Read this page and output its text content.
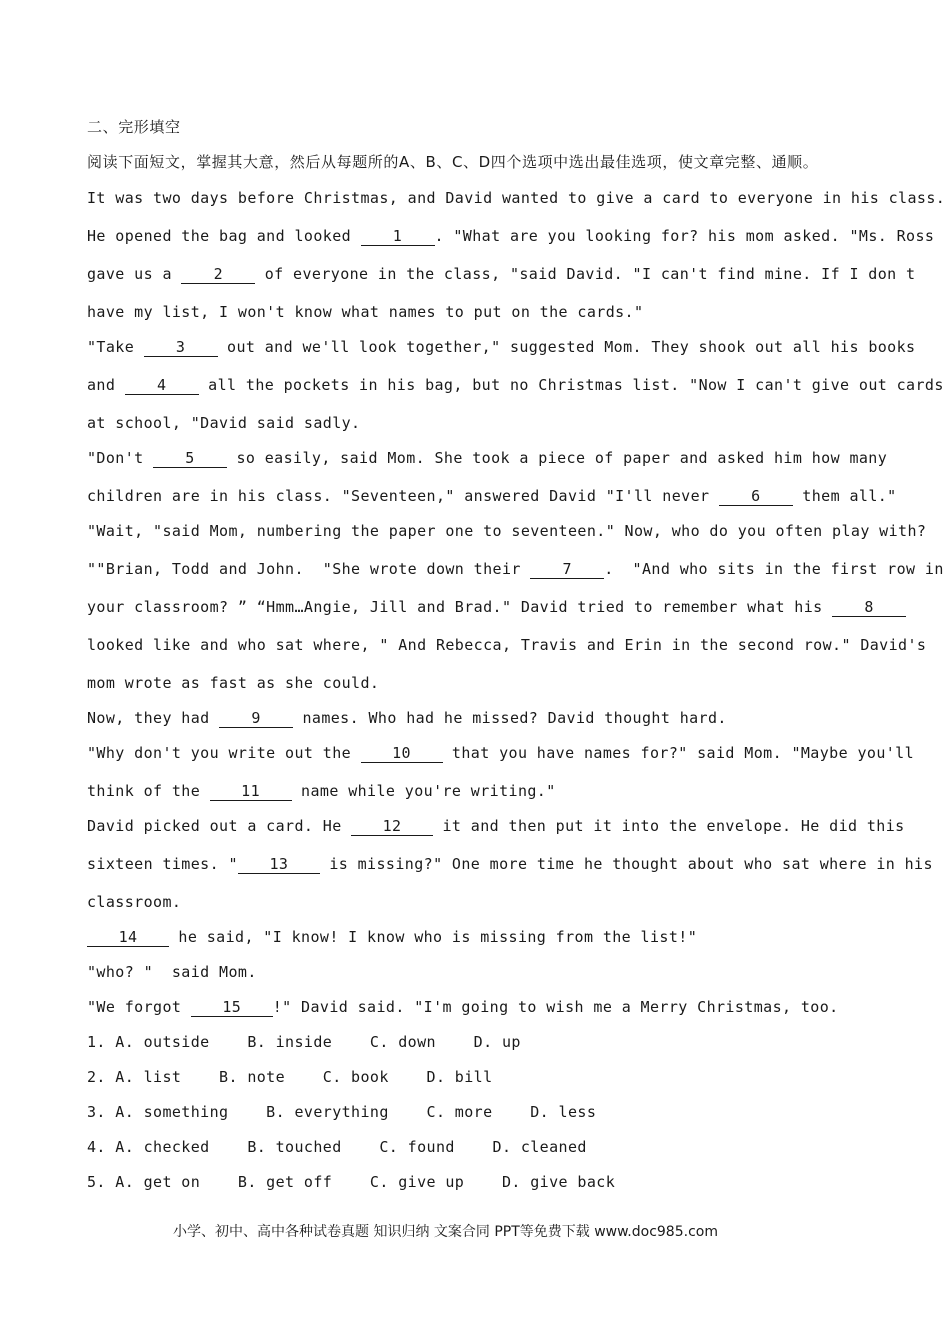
二、完形填空
阅读下面短文，掌握其大意，然后从每题所的A、B、C、D四个选项中选出最佳选项，使文章完整、通顺。
It was two days before Christmas, and David wanted to give a card to everyone in his class.
He opened the bag and looked 1 . "What are you looking for? his mom asked. "Ms. Ross
gave us a 2 of everyone in the class, "said David. "I can't find mine. If I don t
have my list, I won't know what names to put on the cards."
"Take 3 out and we'll look together," suggested Mom. They shook out all his books
and 4 all the pockets in his bag, but no Christmas list. "Now I can't give out cards
at school, "David said sadly.
"Don't 5 so easily, said Mom. She took a piece of paper and asked him how many
children are in his class. "Seventeen," answered David "I'll never 6 them all."
"Wait, "said Mom, numbering the paper one to seventeen." Now, who do you often play with?
""Brian, Todd and John.  "She wrote down their 7 .  "And who sits in the first row in
your classroom? ” “Hmm…Angie, Jill and Brad." David tried to remember what his 8
looked like and who sat where, " And Rebecca, Travis and Erin in the second row." David's
mom wrote as fast as she could.
Now, they had 9 names. Who had he missed? David thought hard.
"Why don't you write out the 10 that you have names for?" said Mom. "Maybe you'll
think of the 11 name while you're writing."
David picked out a card. He 12 it and then put it into the envelope. He did this
sixteen times. " 13 is missing?" One more time he thought about who sat where in his
classroom.
14 he said, "I know! I know who is missing from the list!"
"who? "  said Mom.
"We forgot 15 !" David said. "I'm going to wish me a Merry Christmas, too.
1. A. outside    B. inside    C. down    D. up
2. A. list    B. note    C. book    D. bill
3. A. something    B. everything    C. more    D. less
4. A. checked    B. touched    C. found    D. cleaned
5. A. get on    B. get off    C. give up    D. give back
小学、初中、高中各种试卷真题 知识归纳 文案合同 PPT等免费下载 www.doc985.com
